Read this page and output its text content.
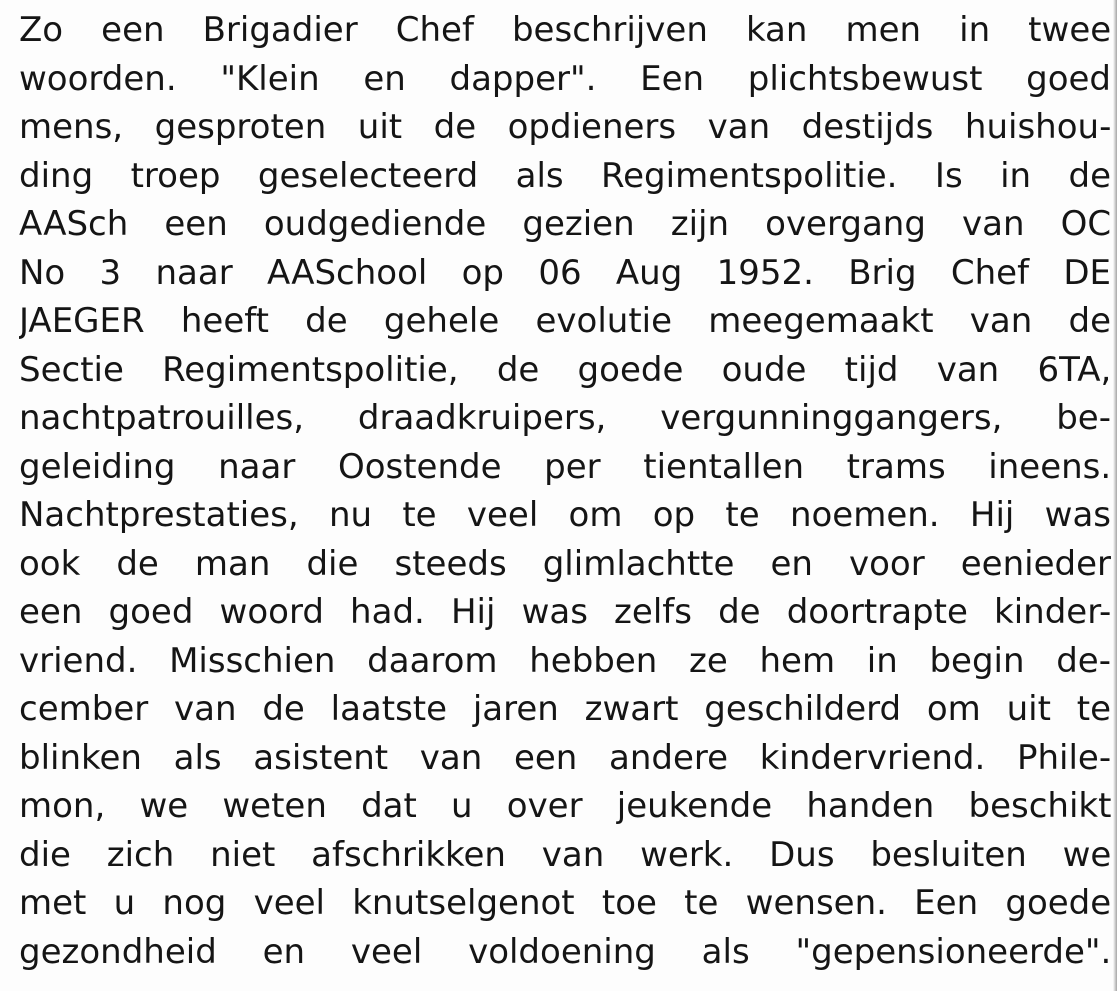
Zo een Brigadier Chef beschrijven kan men in twee
woorden. "Klein en dapper". Een plichtsbewust goed
mens, gesproten uit de opdieners van destijds huishou-
ding troep geselecteerd als Regimentspolitie. Is in de
AASch een oudgediende gezien zijn overgang van OC
No 3 naar AASchool op 06 Aug 1952. Brig Chef DE
JAEGER heeft de gehele evolutie meegemaakt van de
Sectie Regimentspolitie, de goede oude tijd van 6TA,
nachtpatrouilles, draadkruipers, vergunninggangers, be-
geleiding naar Oostende per tientallen trams ineens.
Nachtprestaties, nu te veel om op te noemen. Hij was
ook de man die steeds glimlachtte en voor eenieder
een goed woord had. Hij was zelfs de doortrapte kinder-
vriend. Misschien daarom hebben ze hem in begin de-
cember van de laatste jaren zwart geschilderd om uit te
blinken als asistent van een andere kindervriend. Phile-
mon, we weten dat u over jeukende handen beschikt
die zich niet afschrikken van werk. Dus besluiten we
met u nog veel knutselgenot toe te wensen. Een goede
gezondheid en veel voldoening als "gepensioneerde".
